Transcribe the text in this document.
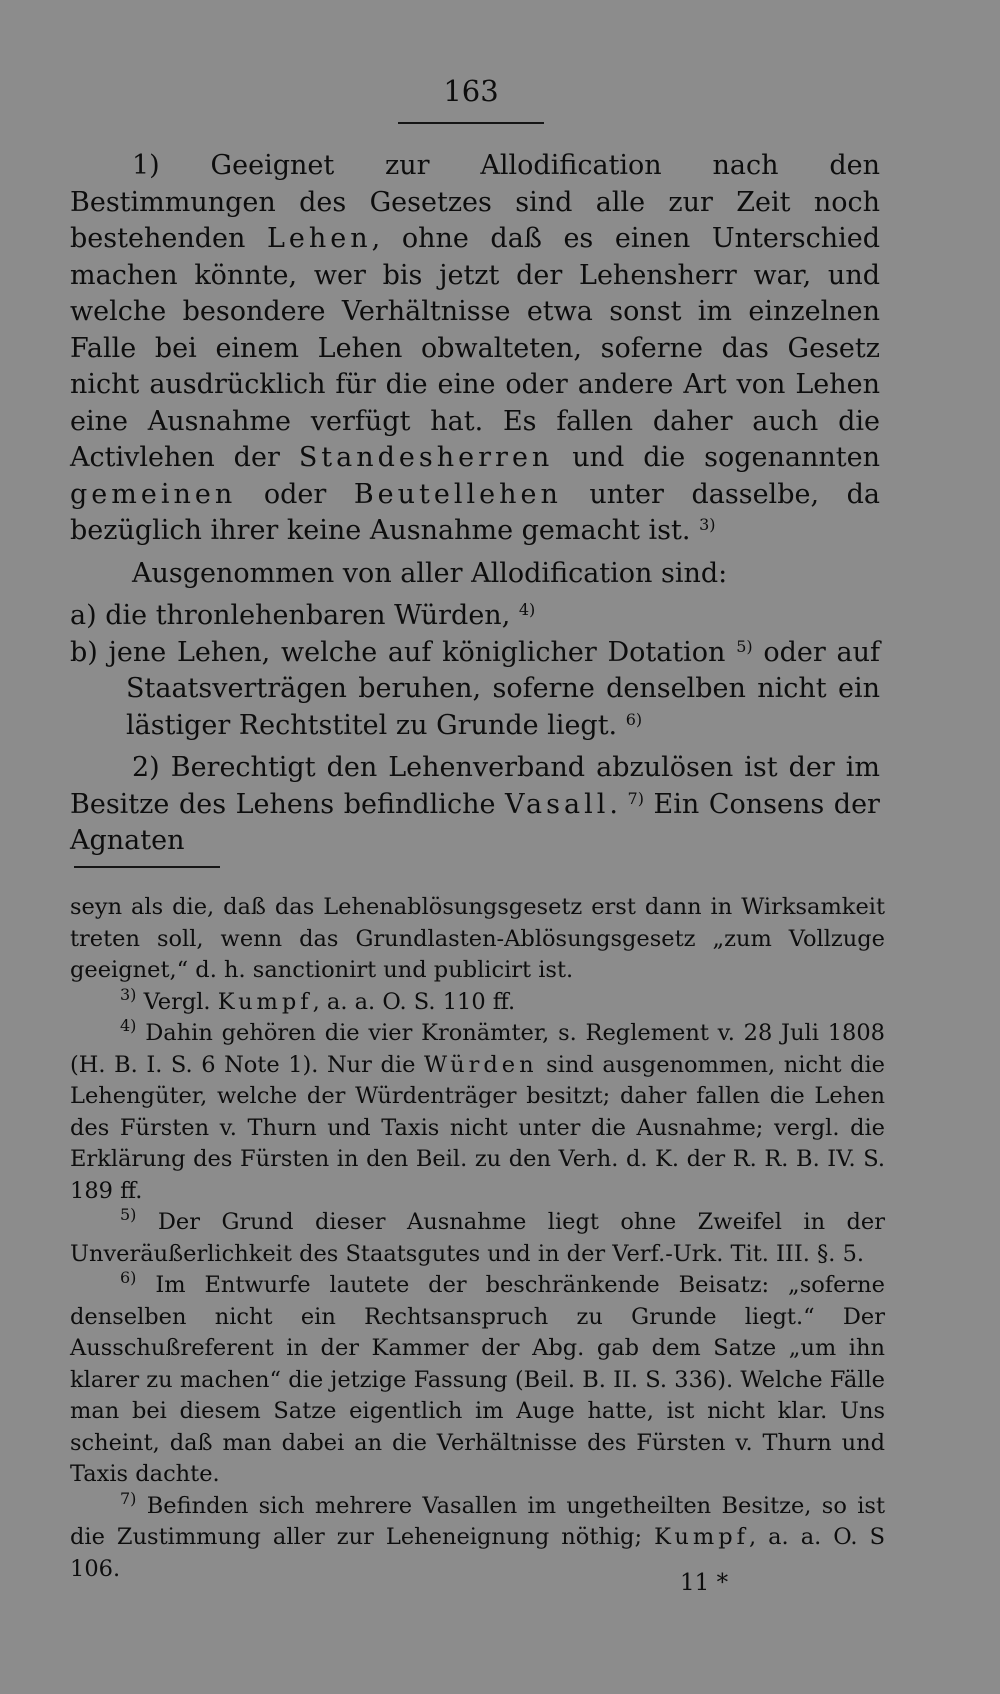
163

1) Geeignet zur Allodification nach den Bestimmungen des Gesetzes sind alle zur Zeit noch bestehenden Lehen, ohne daß es einen Unterschied machen könnte, wer bis jetzt der Lehensherr war, und welche besondere Verhältnisse etwa sonst im einzelnen Falle bei einem Lehen obwalteten, soferne das Gesetz nicht ausdrücklich für die eine oder andere Art von Lehen eine Ausnahme verfügt hat. Es fallen daher auch die Activlehen der Standesherren und die sogenannten gemeinen oder Beutellehen unter dasselbe, da bezüglich ihrer keine Ausnahme gemacht ist. $^{3)}$

Ausgenommen von aller Allodification sind:

a) die thronlehenbaren Würden, $^{4)}$

b) jene Lehen, welche auf königlicher Dotation $^{5)}$ oder auf Staatsverträgen beruhen, soferne denselben nicht ein lästiger Rechtstitel zu Grunde liegt. $^{6)}$

2) Berechtigt den Lehenverband abzulösen ist der im Besitze des Lehens befindliche Vasall. $^{7)}$ Ein Consens der Agnaten

seyn als die, daß das Lehenablösungsgesetz erst dann in Wirksamkeit treten soll, wenn das Grundlasten-Ablösungsgesetz „zum Vollzuge geeignet,“ d. h. sanctionirt und publicirt ist.

$^{3)}$ Vergl. Kumpf, a. a. O. S. 110 ff.

$^{4)}$ Dahin gehören die vier Kronämter, s. Reglement v. 28 Juli 1808 (H. B. I. S. 6 Note 1). Nur die Würden sind ausgenommen, nicht die Lehengüter, welche der Würdenträger besitzt; daher fallen die Lehen des Fürsten v. Thurn und Taxis nicht unter die Ausnahme; vergl. die Erklärung des Fürsten in den Beil. zu den Verh. d. K. der R. R. B. IV. S. 189 ff.

$^{5)}$ Der Grund dieser Ausnahme liegt ohne Zweifel in der Unveräußerlichkeit des Staatsgutes und in der Verf.-Urk. Tit. III. §. 5.

$^{6)}$ Im Entwurfe lautete der beschränkende Beisatz: „soferne denselben nicht ein Rechtsanspruch zu Grunde liegt.“ Der Ausschußreferent in der Kammer der Abg. gab dem Satze „um ihn klarer zu machen“ die jetzige Fassung (Beil. B. II. S. 336). Welche Fälle man bei diesem Satze eigentlich im Auge hatte, ist nicht klar. Uns scheint, daß man dabei an die Verhältnisse des Fürsten v. Thurn und Taxis dachte.

$^{7)}$ Befinden sich mehrere Vasallen im ungetheilten Besitze, so ist die Zustimmung aller zur Leheneignung nöthig; Kumpf, a. a. O. S 106.

11 *
